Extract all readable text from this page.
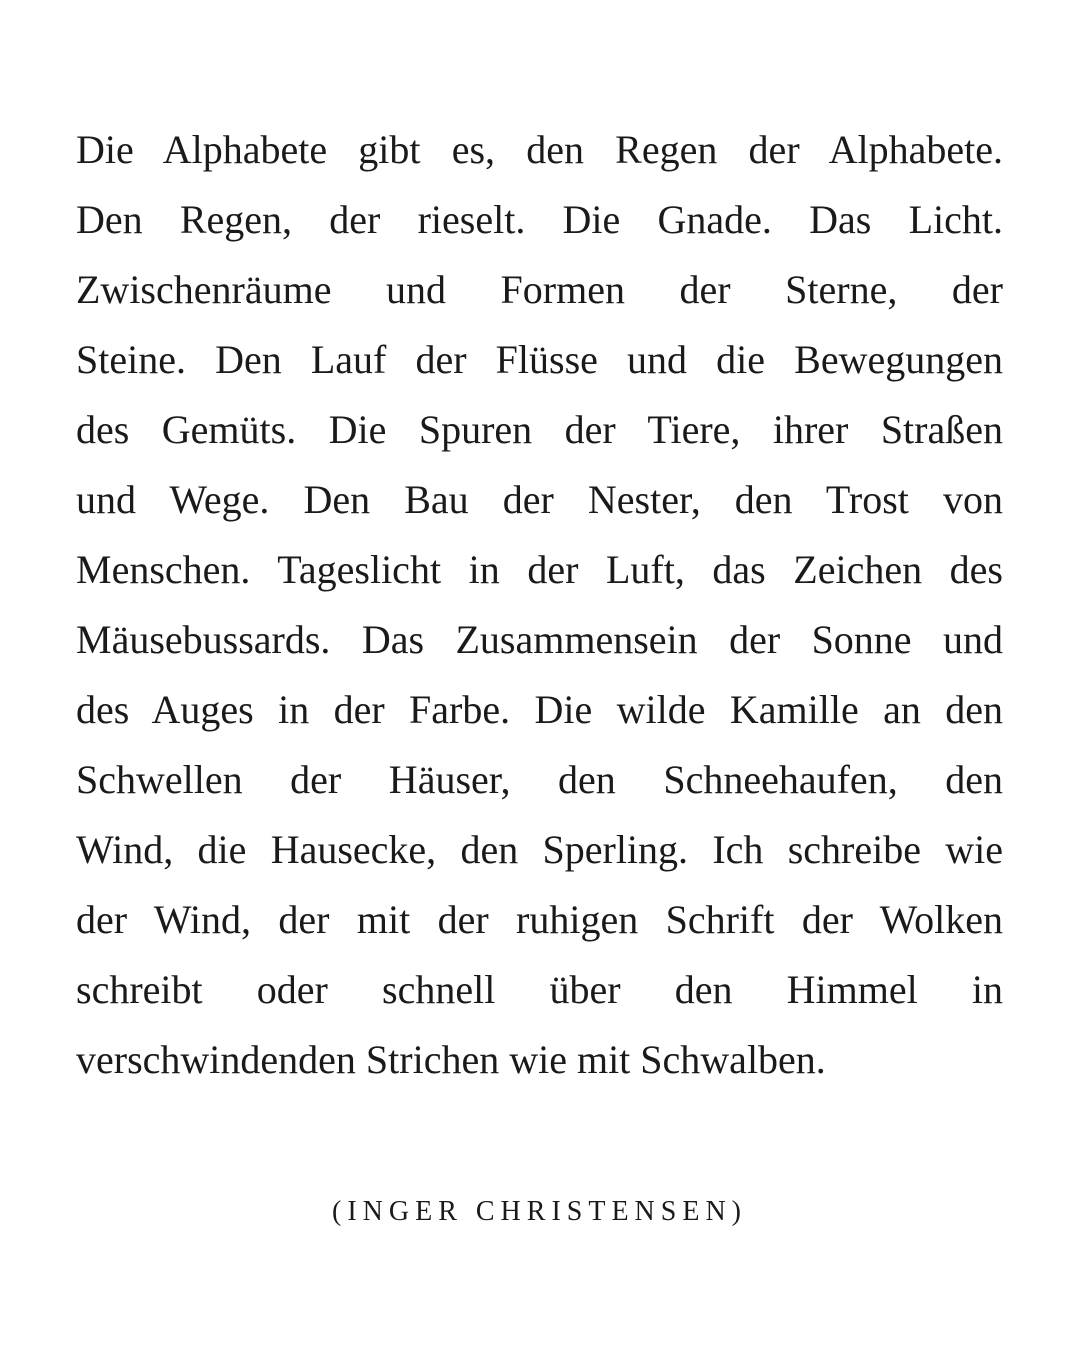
Die Alphabete gibt es, den Regen der Alphabete.
Den Regen, der rieselt. Die Gnade. Das Licht.
Zwischenräume und Formen der Sterne, der
Steine. Den Lauf der Flüsse und die Bewegungen
des Gemüts. Die Spuren der Tiere, ihrer Straßen
und Wege. Den Bau der Nester, den Trost von
Menschen. Tageslicht in der Luft, das Zeichen des
Mäusebussards. Das Zusammensein der Sonne und
des Auges in der Farbe. Die wilde Kamille an den
Schwellen der Häuser, den Schneehaufen, den
Wind, die Hausecke, den Sperling. Ich schreibe wie
der Wind, der mit der ruhigen Schrift der Wolken
schreibt oder schnell über den Himmel in
verschwindenden Strichen wie mit Schwalben.
(INGER CHRISTENSEN)
